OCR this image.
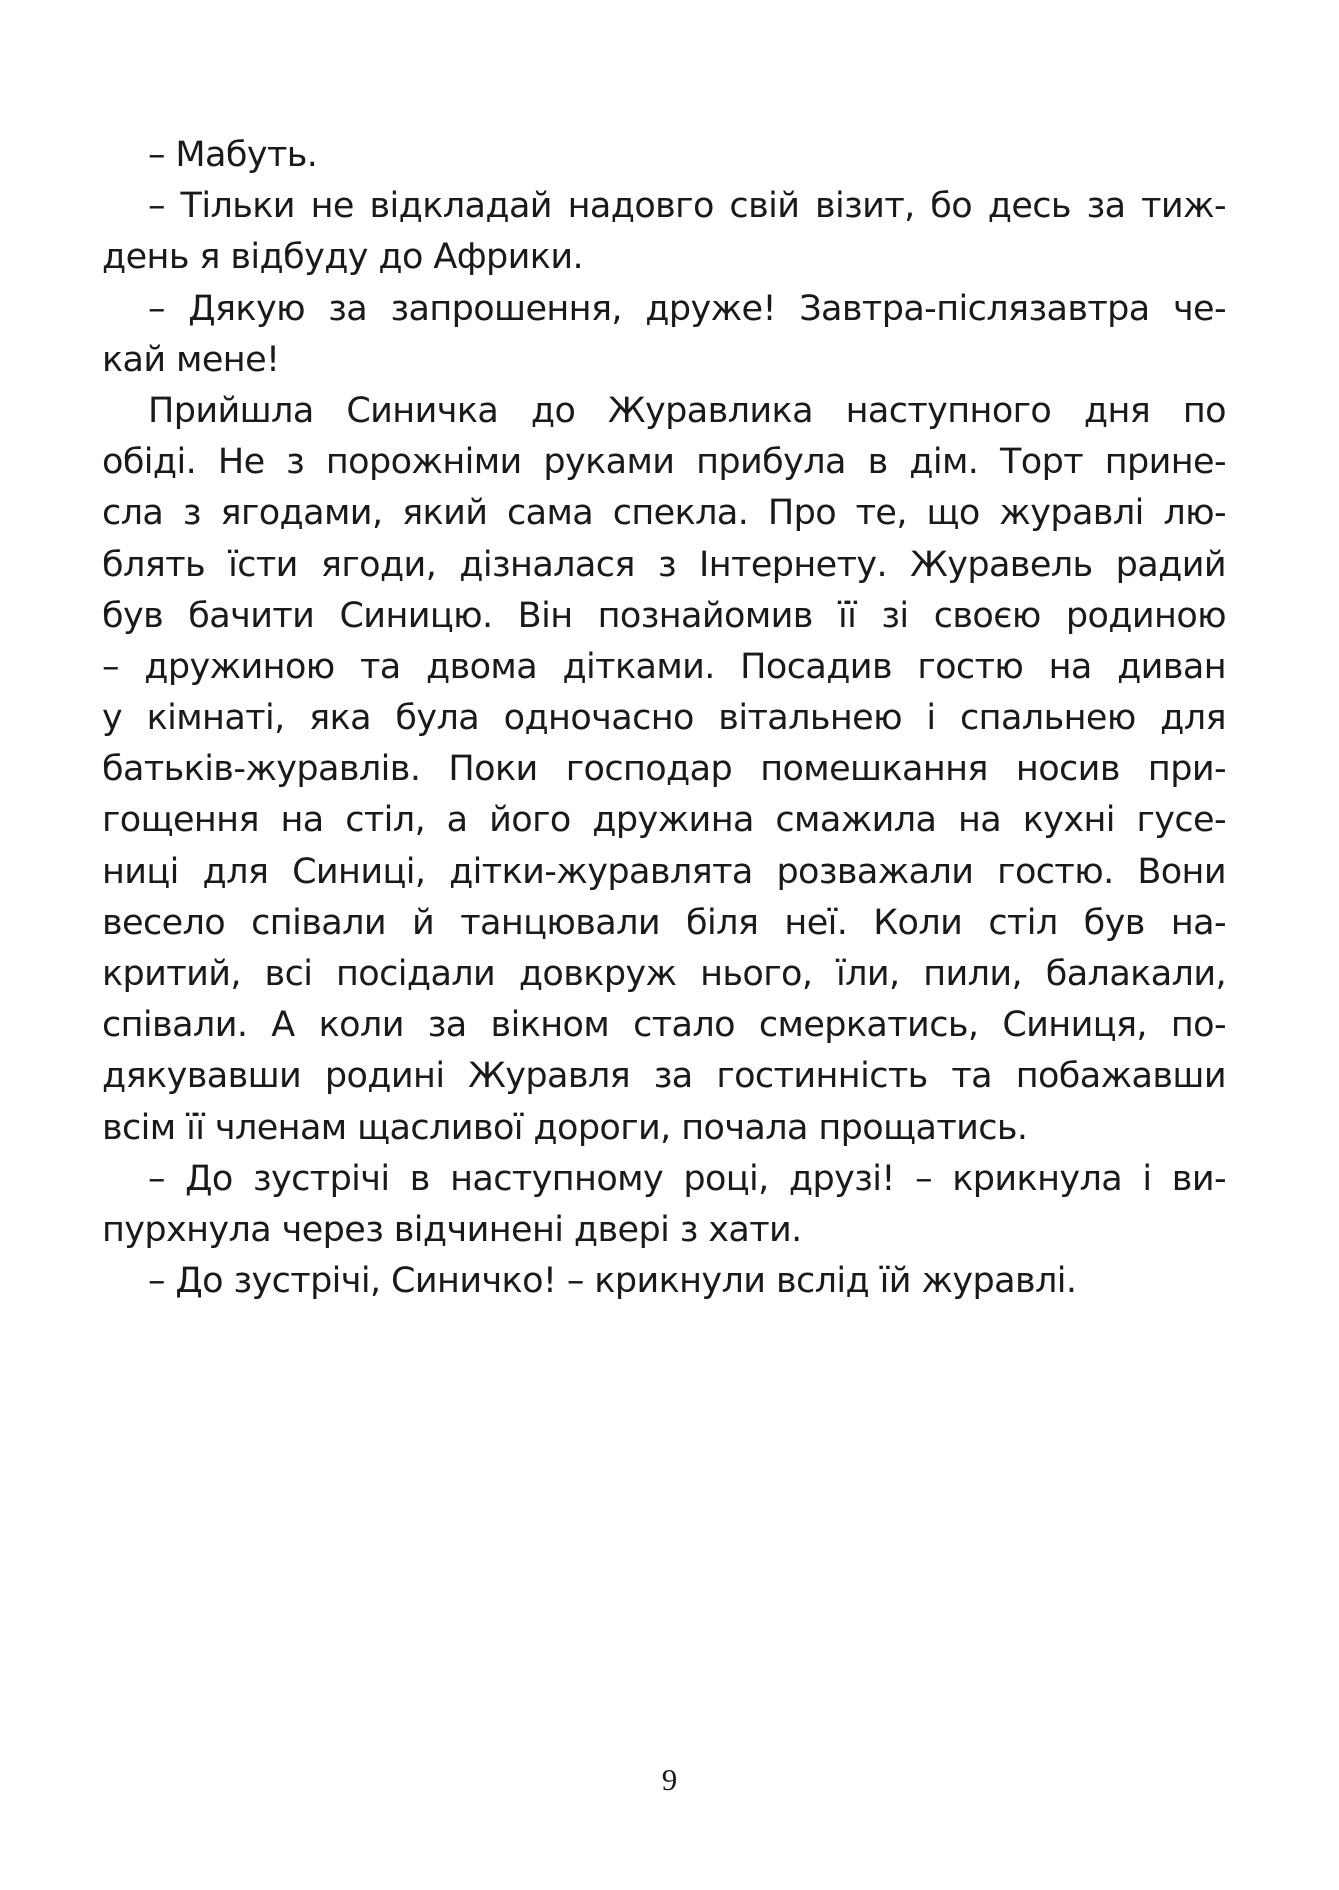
– Мабуть.
– Тільки не відкладай надовго свій візит, бо десь за тиж-
день я відбуду до Африки.
– Дякую за запрошення, друже! Завтра-післязавтра че-
кай мене!
Прийшла Синичка до Журавлика наступного дня по
обіді. Не з порожніми руками прибула в дім. Торт прине-
сла з ягодами, який сама спекла. Про те, що журавлі лю-
блять їсти ягоди, дізналася з Інтернету. Журавель радий
був бачити Синицю. Він познайомив її зі своєю родиною
– дружиною та двома дітками. Посадив гостю на диван
у кімнаті, яка була одночасно вітальнею і спальнею для
батьків-журавлів. Поки господар помешкання носив при-
гощення на стіл, а його дружина смажила на кухні гусе-
ниці для Синиці, дітки-журавлята розважали гостю. Вони
весело співали й танцювали біля неї. Коли стіл був на-
критий, всі посідали довкруж нього, їли, пили, балакали,
співали. А коли за вікном стало смеркатись, Синиця, по-
дякувавши родині Журавля за гостинність та побажавши
всім її членам щасливої дороги, почала прощатись.
– До зустрічі в наступному році, друзі! – крикнула і ви-
пурхнула через відчинені двері з хати.
– До зустрічі, Синичко! – крикнули вслід їй журавлі.
9
